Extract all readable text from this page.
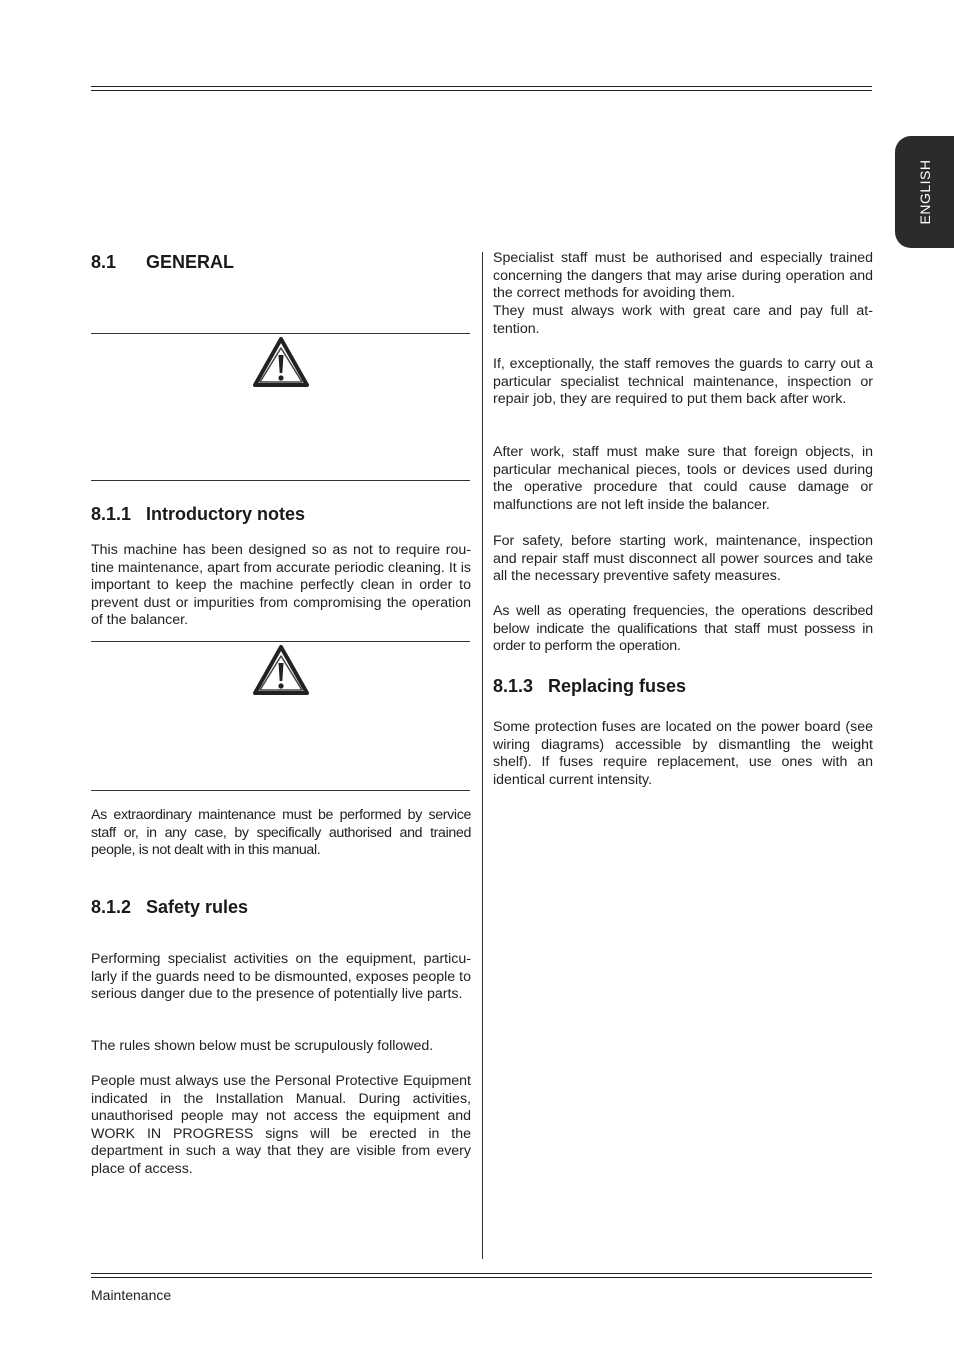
ENGLISH
8.1 GENERAL
8.1.1 Introductory notes

This machine has been designed so as not to require routine maintenance, apart from accurate periodic cleaning. It is important to keep the machine perfectly clean in order to prevent dust or impurities from compromising the operation of the balancer.

As extraordinary maintenance must be performed by service staff or, in any case, by specifically authorised and trained people, is not dealt with in this manual.

8.1.2 Safety rules

Performing specialist activities on the equipment, particularly if the guards need to be dismounted, exposes people to serious danger due to the presence of potentially live parts.

The rules shown below must be scrupulously followed.

People must always use the Personal Protective Equipment indicated in the Installation Manual. During activities, unauthorised people may not access the equipment and WORK IN PROGRESS signs will be erected in the department in such a way that they are visible from every place of access.

Specialist staff must be authorised and especially trained concerning the dangers that may arise during operation and the correct methods for avoiding them.

They must always work with great care and pay full attention.

If, exceptionally, the staff removes the guards to carry out a particular specialist technical maintenance, inspection or repair job, they are required to put them back after work.

After work, staff must make sure that foreign objects, in particular mechanical pieces, tools or devices used during the operative procedure that could cause damage or malfunctions are not left inside the balancer.

For safety, before starting work, maintenance, inspection and repair staff must disconnect all power sources and take all the necessary preventive safety measures.

As well as operating frequencies, the operations described below indicate the qualifications that staff must possess in order to perform the operation.

8.1.3 Replacing fuses

Some protection fuses are located on the power board (see wiring diagrams) accessible by dismantling the weight shelf). If fuses require replacement, use ones with an identical current intensity.

Maintenance
